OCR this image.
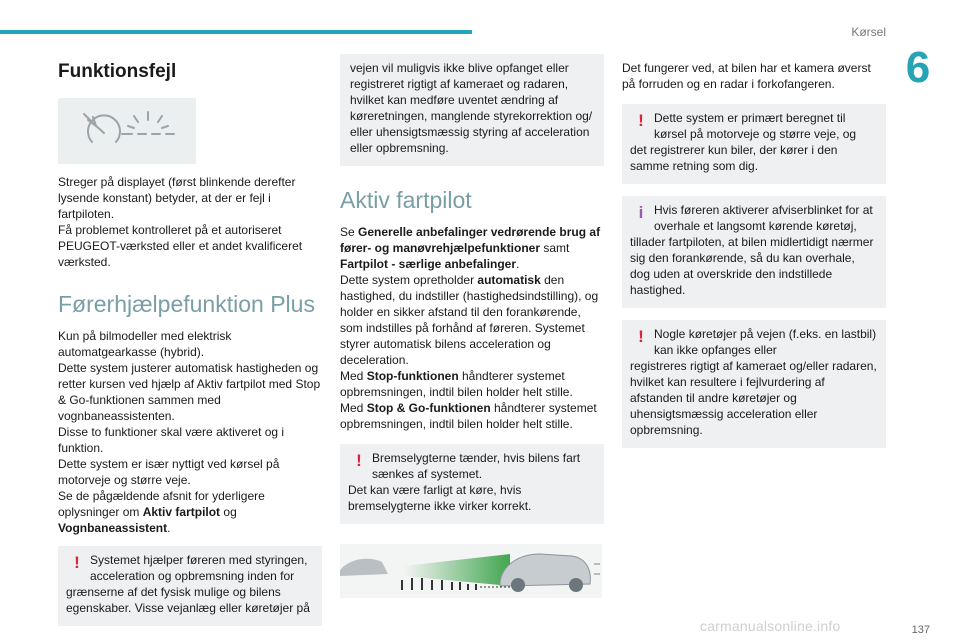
Kørsel
6
Funktionsfejl

Streger på displayet (først blinkende derefter lysende konstant) betyder, at der er fejl i fartpiloten.

Få problemet kontrolleret på et autoriseret PEUGEOT-værksted eller et andet kvalificeret værksted.

Førerhjælpefunktion Plus

Kun på bilmodeller med elektrisk automatgearkasse (hybrid).

Dette system justerer automatisk hastigheden og retter kursen ved hjælp af Aktiv fartpilot med Stop & Go-funktionen sammen med vognbaneassistenten.

Disse to funktioner skal være aktiveret og i funktion.

Dette system er især nyttigt ved kørsel på motorveje og større veje.

Se de pågældende afsnit for yderligere oplysninger om Aktiv fartpilot og Vognbaneassistent.

! Systemet hjælper føreren med styringen, acceleration og opbremsning inden for
grænserne af det fysisk mulige og bilens egenskaber. Visse vejanlæg eller køretøjer på

vejen vil muligvis ikke blive opfanget eller registreret rigtigt af kameraet og radaren, hvilket kan medføre uventet ændring af køreretningen, manglende styrekorrektion og/ eller uhensigtsmæssig styring af acceleration eller opbremsning.

Aktiv fartpilot

Se Generelle anbefalinger vedrørende brug af fører- og manøvrehjælpefunktioner samt Fartpilot - særlige anbefalinger.

Dette system opretholder automatisk den hastighed, du indstiller (hastighedsindstilling), og holder en sikker afstand til den forankørende, som indstilles på forhånd af føreren. Systemet styrer automatisk bilens acceleration og deceleration.

Med Stop-funktionen håndterer systemet opbremsningen, indtil bilen holder helt stille.

Med Stop & Go-funktionen håndterer systemet opbremsningen, indtil bilen holder helt stille.

! Bremselygterne tænder, hvis bilens fart sænkes af systemet.
Det kan være farligt at køre, hvis bremselygterne ikke virker korrekt.

Det fungerer ved, at bilen har et kamera øverst på forruden og en radar i forkofangeren.

! Dette system er primært beregnet til kørsel på motorveje og større veje, og
det registrerer kun biler, der kører i den samme retning som dig.
i Hvis føreren aktiverer afviserblinket for at overhale et langsomt kørende køretøj,
tillader fartpiloten, at bilen midlertidigt nærmer sig den forankørende, så du kan overhale, dog uden at overskride den indstillede hastighed.
! Nogle køretøjer på vejen (f.eks. en lastbil) kan ikke opfanges eller
registreres rigtigt af kameraet og/eller radaren, hvilket kan resultere i fejlvurdering af afstanden til andre køretøjer og uhensigtsmæssig acceleration eller opbremsning.
carmanualsonline.info	137
